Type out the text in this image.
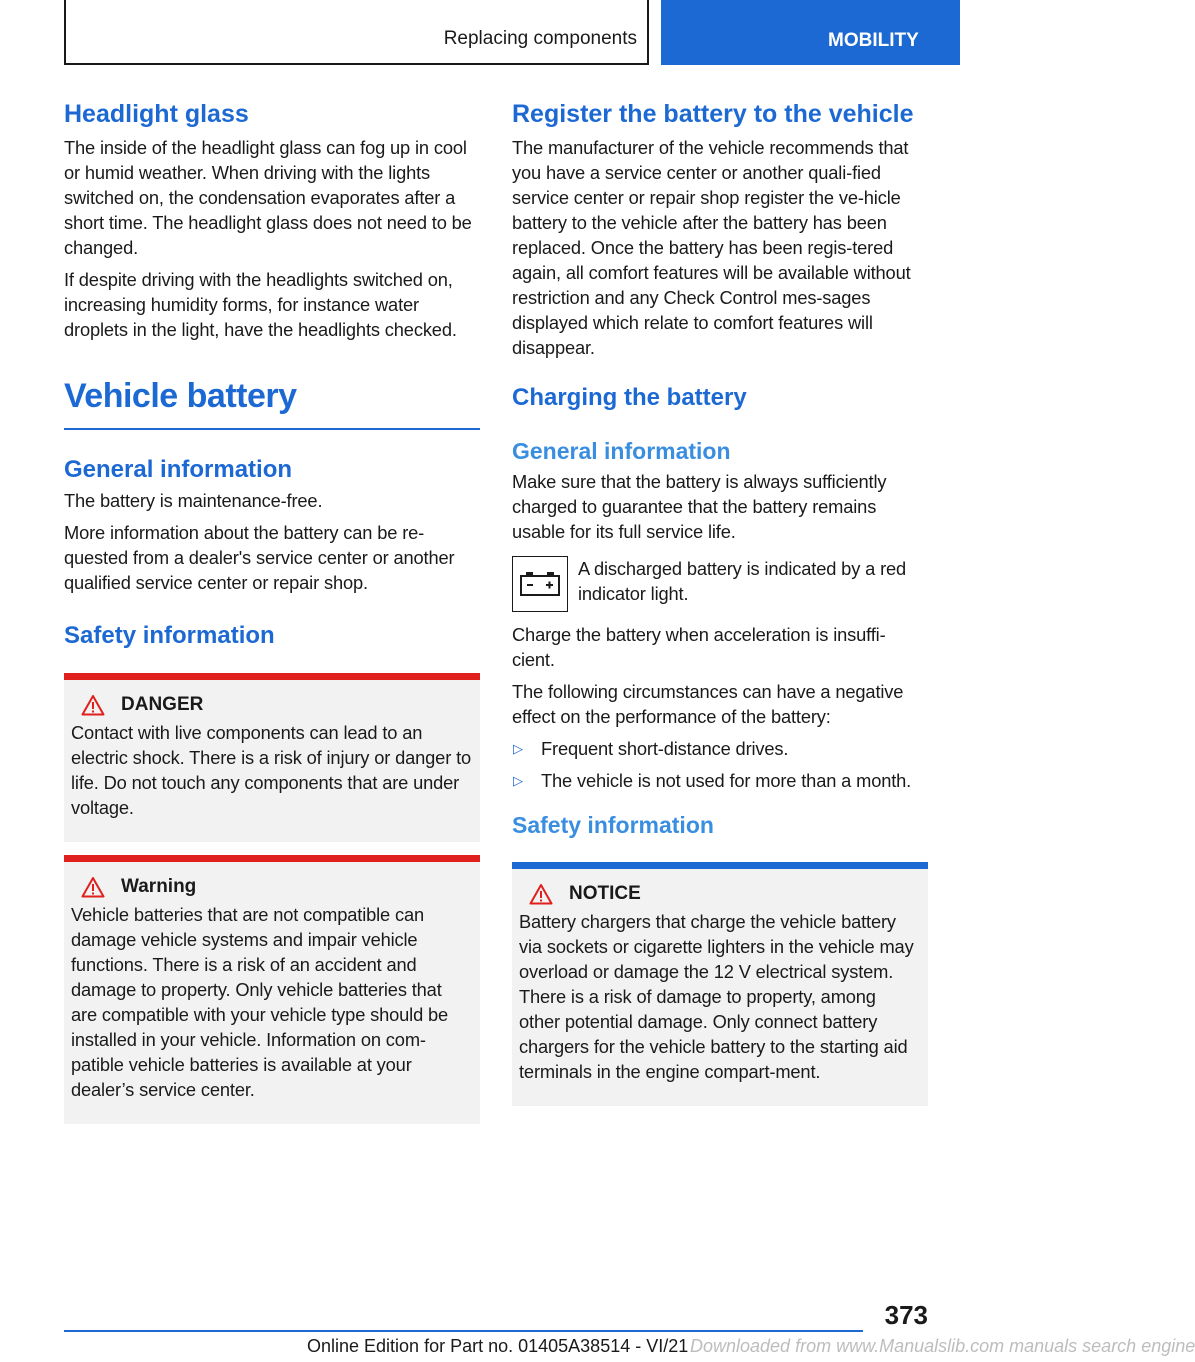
Replacing components	MOBILITY
Headlight glass

The inside of the headlight glass can fog up in cool or humid weather. When driving with the lights switched on, the condensation evaporates after a short time. The headlight glass does not need to be changed.

If despite driving with the headlights switched on, increasing humidity forms, for instance water droplets in the light, have the headlights checked.

Vehicle battery
General information

The battery is maintenance-free.

More information about the battery can be re‐quested from a dealer's service center or another qualified service center or repair shop.

Safety information
DANGER

Contact with live components can lead to an electric shock. There is a risk of injury or danger to life. Do not touch any components that are under voltage.

Warning

Vehicle batteries that are not compatible can damage vehicle systems and impair vehicle functions. There is a risk of an accident and damage to property. Only vehicle batteries that are compatible with your vehicle type should be installed in your vehicle. Information on com‐patible vehicle batteries is available at your dealer’s service center.

Register the battery to the vehicle

The manufacturer of the vehicle recommends that you have a service center or another quali‐fied service center or repair shop register the ve‐hicle battery to the vehicle after the battery has been replaced. Once the battery has been regis‐tered again, all comfort features will be available without restriction and any Check Control mes‐sages displayed which relate to comfort features will disappear.

Charging the battery
General information

Make sure that the battery is always sufficiently charged to guarantee that the battery remains usable for its full service life.

A discharged battery is indicated by a red indicator light.

Charge the battery when acceleration is insuffi‐cient.

The following circumstances can have a negative effect on the performance of the battery:

▷ Frequent short-distance drives.

▷ The vehicle is not used for more than a month.

Safety information
NOTICE

Battery chargers that charge the vehicle battery via sockets or cigarette lighters in the vehicle may overload or damage the 12 V electrical system. There is a risk of damage to property, among other potential damage. Only connect battery chargers for the vehicle battery to the starting aid terminals in the engine compart‐ment.

373
Online Edition for Part no. 01405A38514 - VI/21 Downloaded from www.Manualslib.com manuals search engine
